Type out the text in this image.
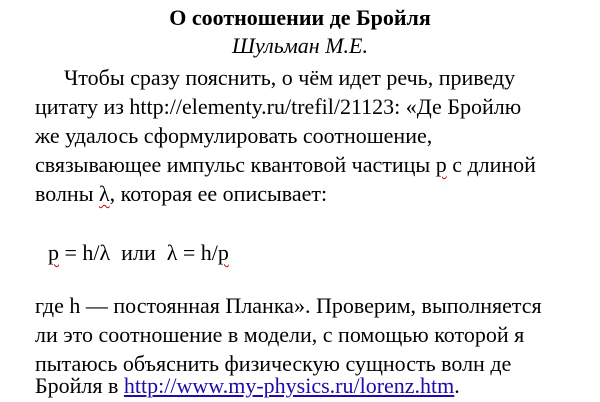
О соотношении де Бройля
Шульман М.Е.
Чтобы сразу пояснить, о чём идет речь, приведу
цитату из http://elementy.ru/trefil/21123: «Де Бройлю
же удалось сформулировать соотношение,
связывающее импульс квантовой частицы р с длиной
волны λ, которая ее описывает:
р = h/λ  или  λ = h/р
где h — постоянная Планка». Проверим, выполняется
ли это соотношение в модели, с помощью которой я
пытаюсь объяснить физическую сущность волн де
Бройля в http://www.my-physics.ru/lorenz.htm.
